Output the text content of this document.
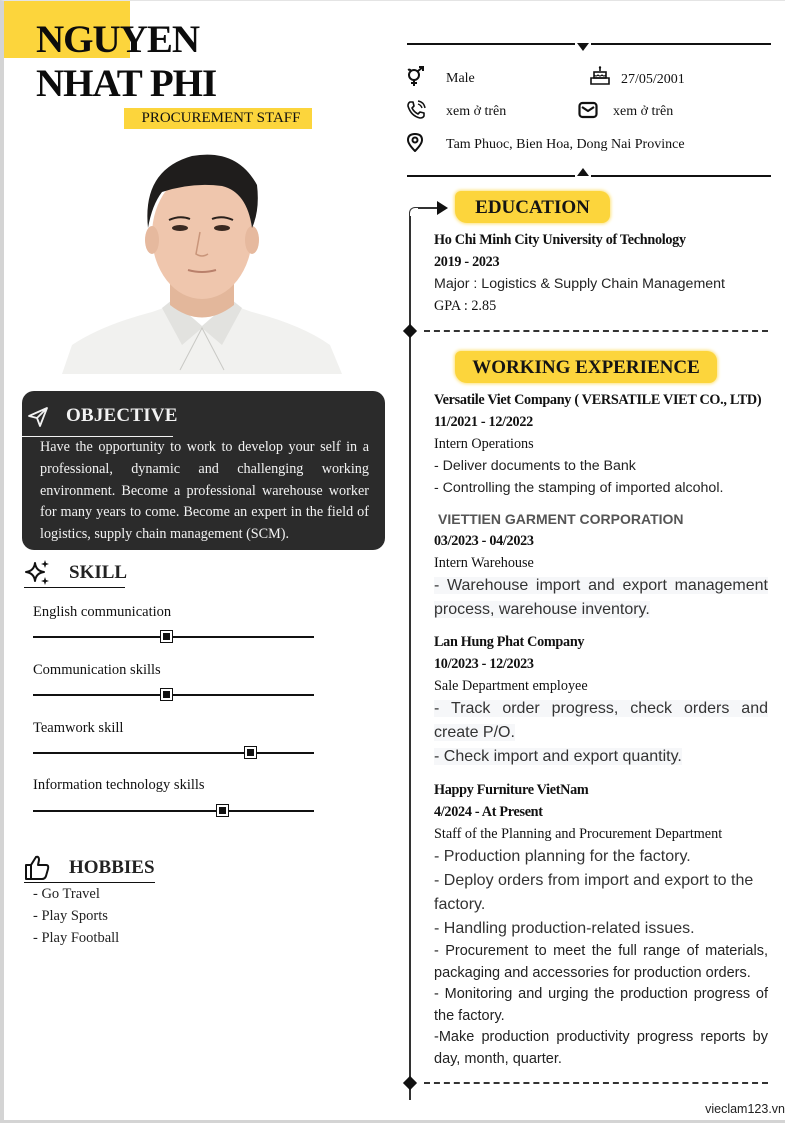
NGUYEN
NHAT PHI
PROCUREMENT STAFF
OBJECTIVE
Have the opportunity to work to develop your self in a professional, dynamic and challenging working environment. Become a professional warehouse worker for many years to come. Become an expert in the field of logistics, supply chain management (SCM).
SKILL
English communication
Communication skills
Teamwork skill
Information technology skills
HOBBIES
- Go Travel
- Play Sports
- Play Football
Male	27/05/2001
xem ở trên	xem ở trên
Tam Phuoc, Bien Hoa, Dong Nai Province
EDUCATION
Ho Chi Minh City University of Technology
2019 - 2023
Major : Logistics & Supply Chain Management
GPA : 2.85
WORKING EXPERIENCE
Versatile Viet Company ( VERSATILE VIET CO., LTD)
11/2021 - 12/2022
Intern Operations
- Deliver documents to the Bank
- Controlling the stamping of imported alcohol.
VIETTIEN GARMENT CORPORATION
03/2023 - 04/2023
Intern Warehouse
- Warehouse import and export management process, warehouse inventory.
Lan Hung Phat Company
10/2023 - 12/2023
Sale Department employee
- Track order progress, check orders and create P/O.
- Check import and export quantity.
Happy Furniture VietNam
4/2024 - At Present
Staff of the Planning and Procurement Department
- Production planning for the factory.
- Deploy orders from import and export to the factory.
- Handling production-related issues.
- Procurement to meet the full range of materials, packaging and accessories for production orders.
- Monitoring and urging the production progress of the factory.
-Make production productivity progress reports by day, month, quarter.
vieclam123.vn
